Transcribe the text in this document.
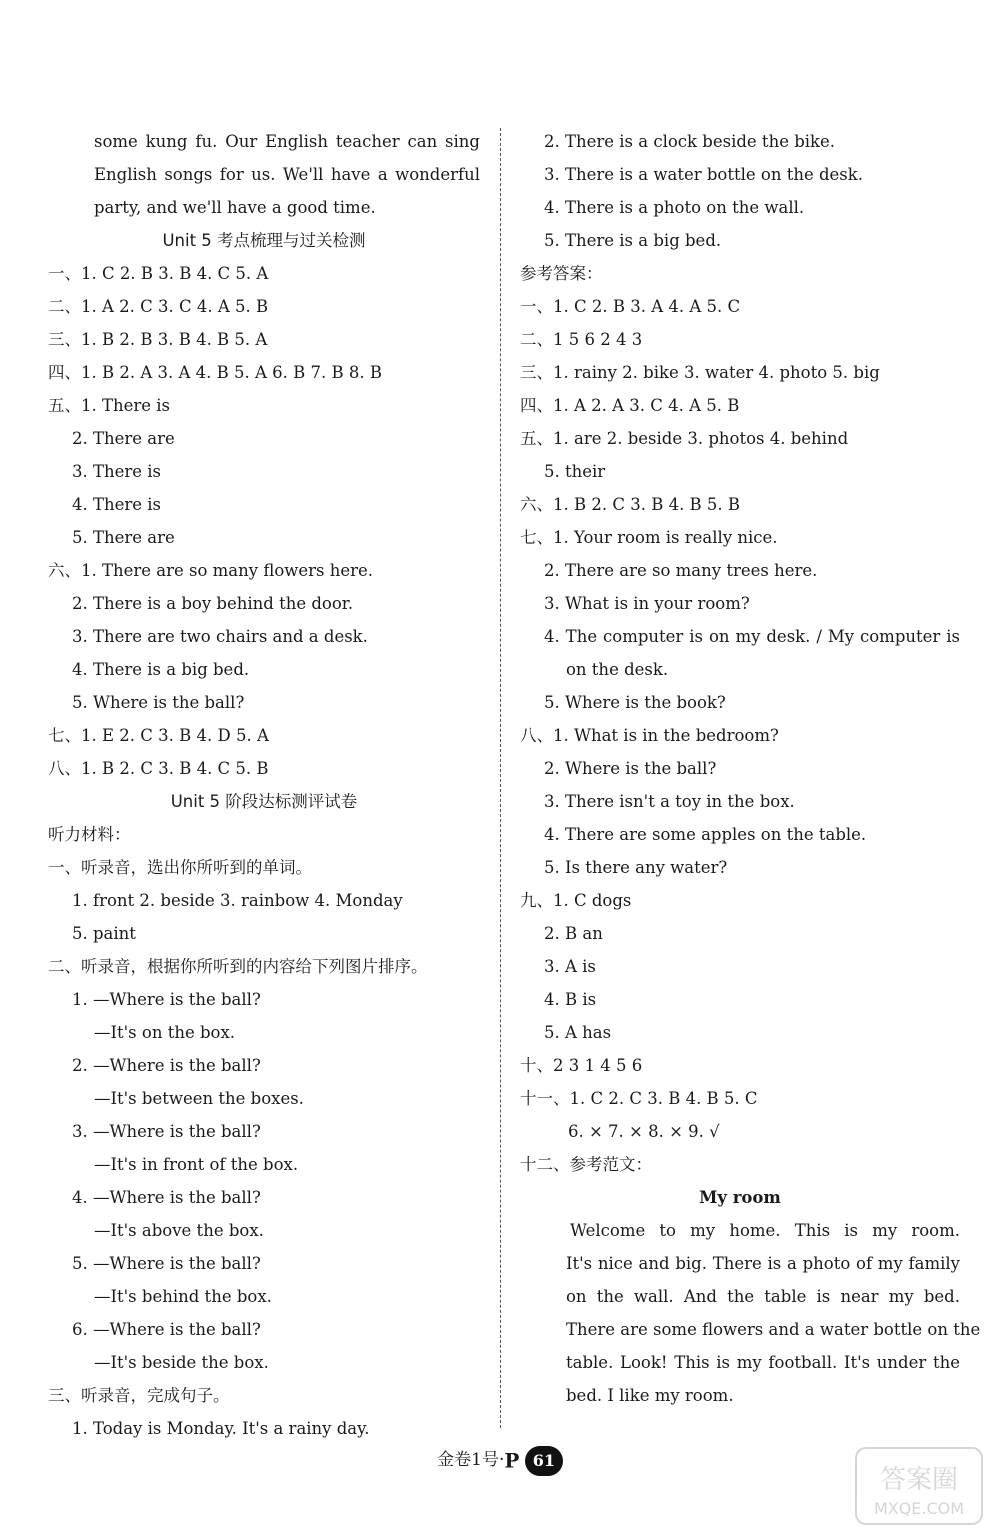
some kung fu. Our English teacher can sing
English songs for us. We'll have a wonderful
party, and we'll have a good time.
Unit 5 考点梳理与过关检测
一、1. C 2. B 3. B 4. C 5. A
二、1. A 2. C 3. C 4. A 5. B
三、1. B 2. B 3. B 4. B 5. A
四、1. B 2. A 3. A 4. B 5. A 6. B 7. B 8. B
五、1. There is
2. There are
3. There is
4. There is
5. There are
六、1. There are so many flowers here.
2. There is a boy behind the door.
3. There are two chairs and a desk.
4. There is a big bed.
5. Where is the ball?
七、1. E 2. C 3. B 4. D 5. A
八、1. B 2. C 3. B 4. C 5. B
Unit 5 阶段达标测评试卷
听力材料：
一、听录音，选出你所听到的单词。
1. front 2. beside 3. rainbow 4. Monday
5. paint
二、听录音，根据你所听到的内容给下列图片排序。
1. —Where is the ball?
—It's on the box.
2. —Where is the ball?
—It's between the boxes.
3. —Where is the ball?
—It's in front of the box.
4. —Where is the ball?
—It's above the box.
5. —Where is the ball?
—It's behind the box.
6. —Where is the ball?
—It's beside the box.
三、听录音，完成句子。
1. Today is Monday. It's a rainy day.
2. There is a clock beside the bike.
3. There is a water bottle on the desk.
4. There is a photo on the wall.
5. There is a big bed.
参考答案：
一、1. C 2. B 3. A 4. A 5. C
二、1 5 6 2 4 3
三、1. rainy 2. bike 3. water 4. photo 5. big
四、1. A 2. A 3. C 4. A 5. B
五、1. are 2. beside 3. photos 4. behind
5. their
六、1. B 2. C 3. B 4. B 5. B
七、1. Your room is really nice.
2. There are so many trees here.
3. What is in your room?
4. The computer is on my desk. / My computer is
on the desk.
5. Where is the book?
八、1. What is in the bedroom?
2. Where is the ball?
3. There isn't a toy in the box.
4. There are some apples on the table.
5. Is there any water?
九、1. C dogs
2. B an
3. A is
4. B is
5. A has
十、2 3 1 4 5 6
十一、1. C 2. C 3. B 4. B 5. C
6. × 7. × 8. × 9. √
十二、参考范文：
My room
Welcome to my home. This is my room.
It's nice and big. There is a photo of my family
on the wall. And the table is near my bed.
There are some flowers and a water bottle on the
table. Look! This is my football. It's under the
bed. I like my room.
金卷1号·P 61
答案圈
MXQE.COM
